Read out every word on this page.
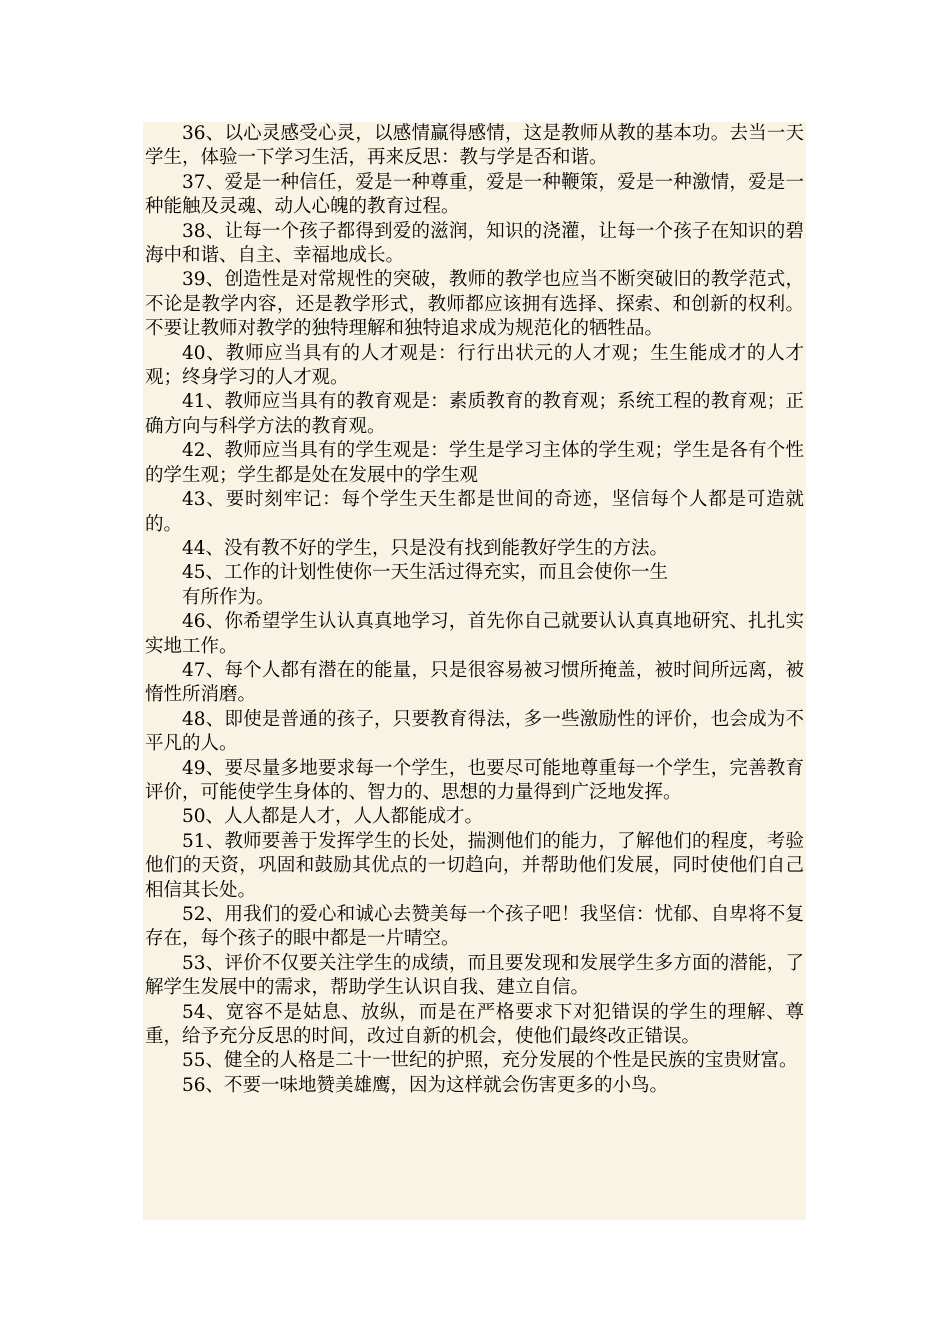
36、以心灵感受心灵，以感情赢得感情，这是教师从教的基本功。去当一天学生，体验一下学习生活，再来反思：教与学是否和谐。

37、爱是一种信任，爱是一种尊重，爱是一种鞭策，爱是一种激情，爱是一种能触及灵魂、动人心魄的教育过程。

38、让每一个孩子都得到爱的滋润，知识的浇灌，让每一个孩子在知识的碧海中和谐、自主、幸福地成长。

39、创造性是对常规性的突破，教师的教学也应当不断突破旧的教学范式，不论是教学内容，还是教学形式，教师都应该拥有选择、探索、和创新的权利。不要让教师对教学的独特理解和独特追求成为规范化的牺牲品。

40、教师应当具有的人才观是：行行出状元的人才观；生生能成才的人才观；终身学习的人才观。

41、教师应当具有的教育观是：素质教育的教育观；系统工程的教育观；正确方向与科学方法的教育观。

42、教师应当具有的学生观是：学生是学习主体的学生观；学生是各有个性的学生观；学生都是处在发展中的学生观

43、要时刻牢记：每个学生天生都是世间的奇迹，坚信每个人都是可造就的。

44、没有教不好的学生，只是没有找到能教好学生的方法。

45、工作的计划性使你一天生活过得充实，而且会使你一生

有所作为。

46、你希望学生认认真真地学习，首先你自己就要认认真真地研究、扎扎实实地工作。

47、每个人都有潜在的能量，只是很容易被习惯所掩盖，被时间所远离，被惰性所消磨。

48、即使是普通的孩子，只要教育得法，多一些激励性的评价，也会成为不平凡的人。

49、要尽量多地要求每一个学生，也要尽可能地尊重每一个学生，完善教育评价，可能使学生身体的、智力的、思想的力量得到广泛地发挥。

50、人人都是人才，人人都能成才。

51、教师要善于发挥学生的长处，揣测他们的能力，了解他们的程度，考验他们的天资，巩固和鼓励其优点的一切趋向，并帮助他们发展，同时使他们自己相信其长处。

52、用我们的爱心和诚心去赞美每一个孩子吧！我坚信：忧郁、自卑将不复存在，每个孩子的眼中都是一片晴空。

53、评价不仅要关注学生的成绩，而且要发现和发展学生多方面的潜能，了解学生发展中的需求，帮助学生认识自我、建立自信。

54、宽容不是姑息、放纵，而是在严格要求下对犯错误的学生的理解、尊重，给予充分反思的时间，改过自新的机会，使他们最终改正错误。

55、健全的人格是二十一世纪的护照，充分发展的个性是民族的宝贵财富。

56、不要一味地赞美雄鹰，因为这样就会伤害更多的小鸟。
